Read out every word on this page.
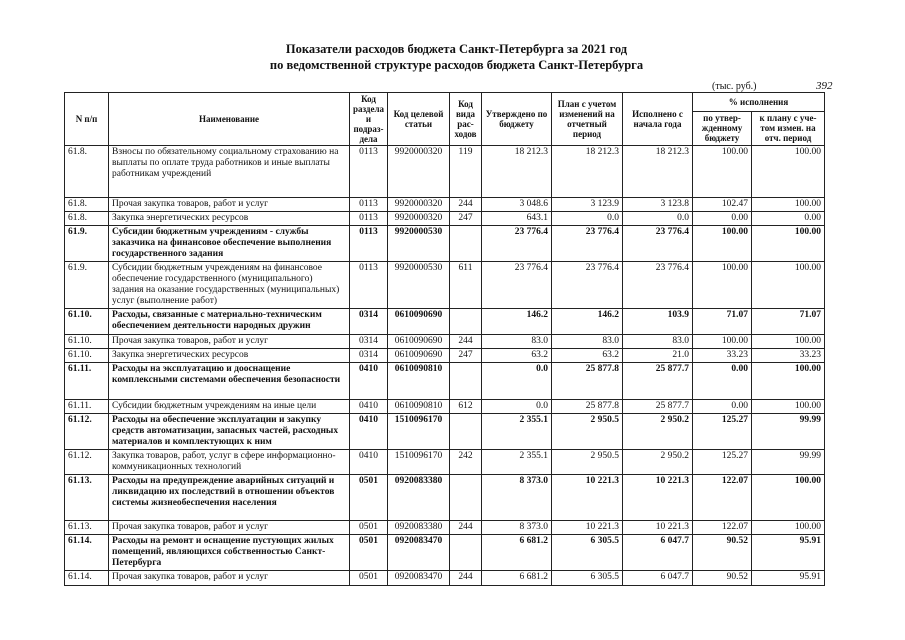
Показатели расходов бюджета Санкт-Петербурга за 2021 год
по ведомственной структуре расходов бюджета Санкт-Петербурга
(тыс. руб.)	392
N п/п	Наименование	Код раздела и подраз-дела	Код целевой статьи	Код вида рас-ходов	Утверждено по бюджету	План с учетом изменений на отчетный период	Исполнено с начала года	% исполнения	
								по утвер-жденному бюджету	к плану с уче-том измен. на отч. период
61.8.	Взносы по обязательному социальному страхованию на выплаты по оплате труда работников и иные выплаты работникам учреждений	0113	9920000320	119	18 212.3	18 212.3	18 212.3	100.00	100.00
61.8.	Прочая закупка товаров, работ и услуг	0113	9920000320	244	3 048.6	3 123.9	3 123.8	102.47	100.00
61.8.	Закупка энергетических ресурсов	0113	9920000320	247	643.1	0.0	0.0	0.00	0.00
61.9.	Субсидии бюджетным учреждениям - службы заказчика на финансовое обеспечение выполнения государственного задания	0113	9920000530		23 776.4	23 776.4	23 776.4	100.00	100.00
61.9.	Субсидии бюджетным учреждениям на финансовое обеспечение государственного (муниципального) задания на оказание государственных (муниципальных) услуг (выполнение работ)	0113	9920000530	611	23 776.4	23 776.4	23 776.4	100.00	100.00
61.10.	Расходы, связанные с материально-техническим обеспечением деятельности народных дружин	0314	0610090690		146.2	146.2	103.9	71.07	71.07
61.10.	Прочая закупка товаров, работ и услуг	0314	0610090690	244	83.0	83.0	83.0	100.00	100.00
61.10.	Закупка энергетических ресурсов	0314	0610090690	247	63.2	63.2	21.0	33.23	33.23
61.11.	Расходы на эксплуатацию и дооснащение комплексными системами обеспечения безопасности	0410	0610090810		0.0	25 877.8	25 877.7	0.00	100.00
61.11.	Субсидии бюджетным учреждениям на иные цели	0410	0610090810	612	0.0	25 877.8	25 877.7	0.00	100.00
61.12.	Расходы на обеспечение эксплуатации и закупку средств автоматизации, запасных частей, расходных материалов и комплектующих к ним	0410	1510096170		2 355.1	2 950.5	2 950.2	125.27	99.99
61.12.	Закупка товаров, работ, услуг в сфере информационно-коммуникационных технологий	0410	1510096170	242	2 355.1	2 950.5	2 950.2	125.27	99.99
61.13.	Расходы на предупреждение аварийных ситуаций и ликвидацию их последствий в отношении объектов системы жизнеобеспечения населения	0501	0920083380		8 373.0	10 221.3	10 221.3	122.07	100.00
61.13.	Прочая закупка товаров, работ и услуг	0501	0920083380	244	8 373.0	10 221.3	10 221.3	122.07	100.00
61.14.	Расходы на ремонт и оснащение пустующих жилых помещений, являющихся собственностью Санкт-Петербурга	0501	0920083470		6 681.2	6 305.5	6 047.7	90.52	95.91
61.14.	Прочая закупка товаров, работ и услуг	0501	0920083470	244	6 681.2	6 305.5	6 047.7	90.52	95.91
